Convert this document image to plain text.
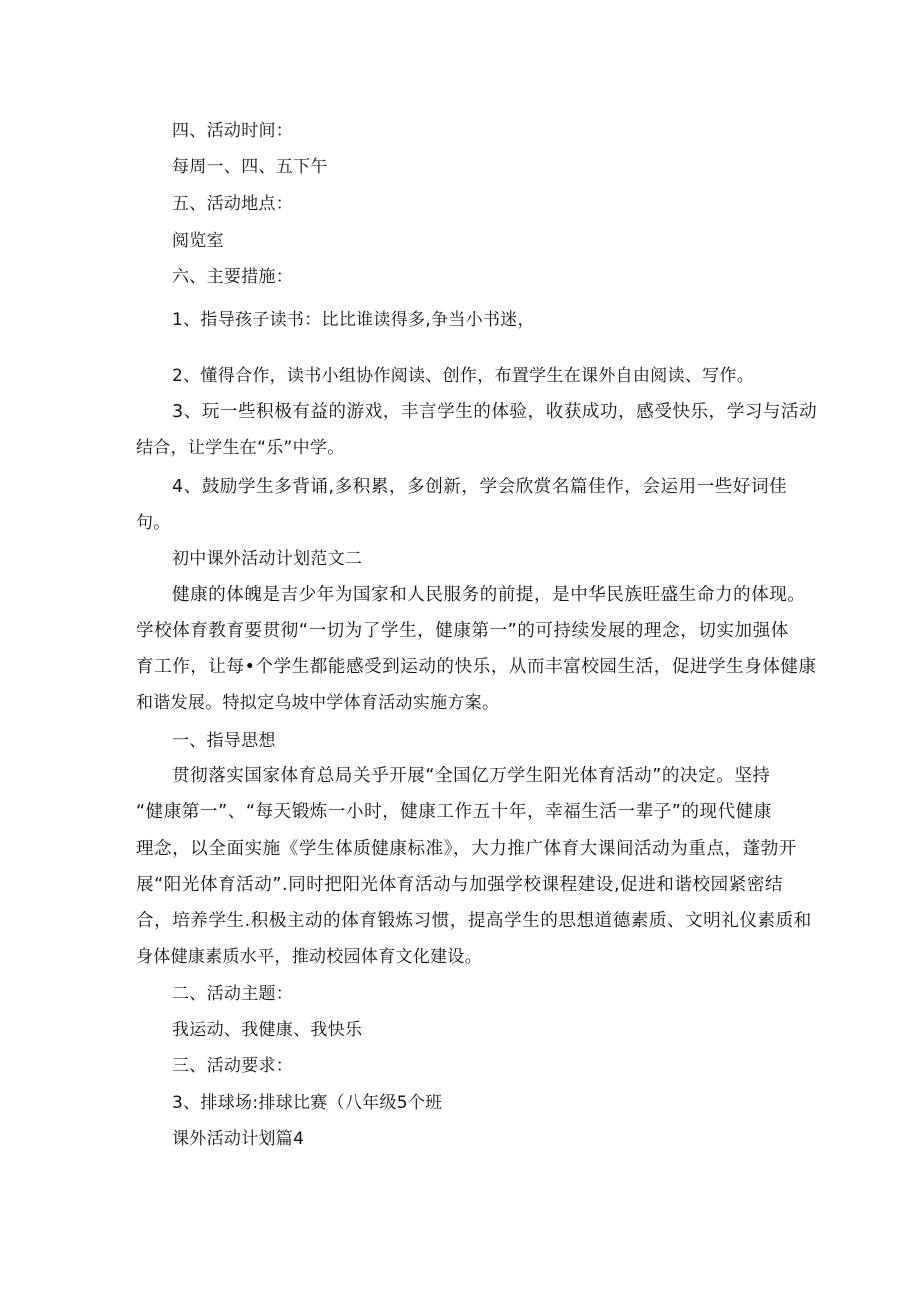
四、活动时间：
每周一、四、五下午
五、活动地点：
阅览室
六、主要措施：
1、指导孩子读书：比比谁读得多,争当小书迷，
2、懂得合作，读书小组协作阅读、创作，布置学生在课外自由阅读、写作。
3、玩一些积极有益的游戏，丰言学生的体验，收获成功，感受快乐，学习与活动
结合，让学生在“乐”中学。
4、鼓励学生多背诵,多积累，多创新，学会欣赏名篇佳作，会运用一些好词佳
句。
初中课外活动计划范文二
健康的体魄是吉少年为国家和人民服务的前提，是中华民族旺盛生命力的体现。
学校体育教育要贯彻“一切为了学生，健康第一”的可持续发展的理念，切实加强体
育工作，让每•个学生都能感受到运动的快乐，从而丰富校园生活，促进学生身体健康
和谐发展。特拟定乌坡中学体育活动实施方案。
一、指导思想
贯彻落实国家体育总局关乎开展“全国亿万学生阳光体育活动”的决定。坚持
“健康第一”、“每天锻炼一小时，健康工作五十年，幸福生活一辈子”的现代健康
理念，以全面实施《学生体质健康标准》，大力推广体育大课间活动为重点，蓬勃开
展“阳光体育活动”.同时把阳光体育活动与加强学校课程建设,促进和谐校园紧密结
合，培养学生.积极主动的体育锻炼习惯，提高学生的思想道德素质、文明礼仪素质和
身体健康素质水平，推动校园体育文化建设。
二、活动主题：
我运动、我健康、我快乐
三、活动要求：
3、排球场:排球比赛（八年级5个班
课外活动计划篇4
